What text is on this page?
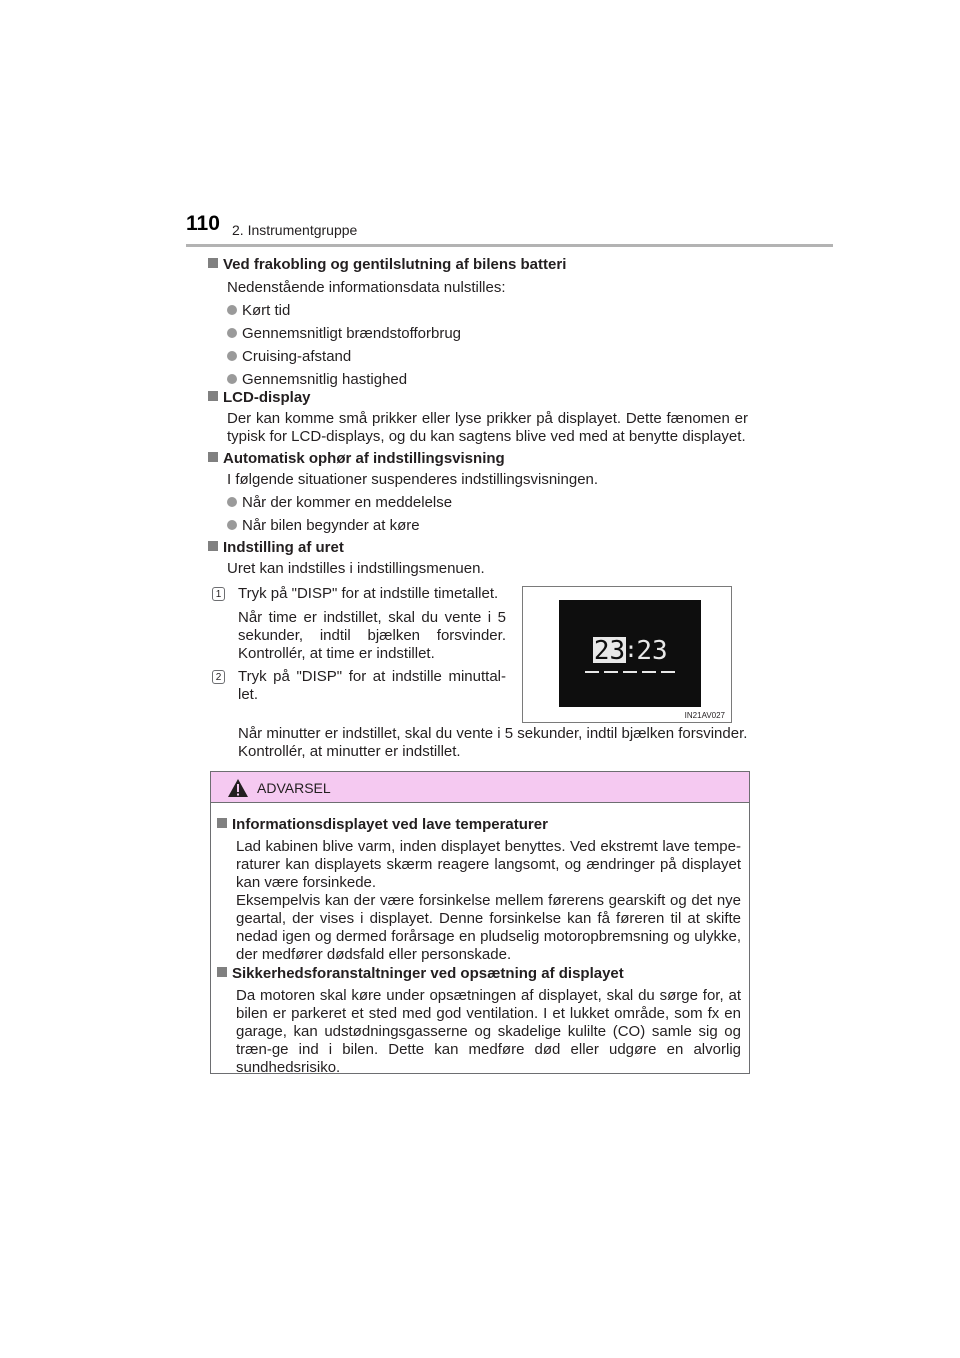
110 2. Instrumentgruppe
Ved frakobling og gentilslutning af bilens batteri
Nedenstående informationsdata nulstilles:
Kørt tid
Gennemsnitligt brændstofforbrug
Cruising-afstand
Gennemsnitlig hastighed
LCD-display
Der kan komme små prikker eller lyse prikker på displayet. Dette fænomen er typisk for LCD-displays, og du kan sagtens blive ved med at benytte displayet.
Automatisk ophør af indstillingsvisning
I følgende situationer suspenderes indstillingsvisningen.
Når der kommer en meddelelse
Når bilen begynder at køre
Indstilling af uret
Uret kan indstilles i indstillingsmenuen.
1 Tryk på "DISP" for at indstille timetallet.
Når time er indstillet, skal du vente i 5 sekunder, indtil bjælken forsvinder. Kontrollér, at time er indstillet.
2 Tryk på "DISP" for at indstille minuttal-let.
Når minutter er indstillet, skal du vente i 5 sekunder, indtil bjælken forsvinder. Kontrollér, at minutter er indstillet.
23 :
23
IN21AV027
ADVARSEL
Informationsdisplayet ved lave temperaturer
Lad kabinen blive varm, inden displayet benyttes. Ved ekstremt lave tempe-raturer kan displayets skærm reagere langsomt, og ændringer på displayet kan være forsinkede.
Eksempelvis kan der være forsinkelse mellem førerens gearskift og det nye geartal, der vises i displayet. Denne forsinkelse kan få føreren til at skifte nedad igen og dermed forårsage en pludselig motoropbremsning og ulykke, der medfører dødsfald eller personskade.
Sikkerhedsforanstaltninger ved opsætning af displayet
Da motoren skal køre under opsætningen af displayet, skal du sørge for, at bilen er parkeret et sted med god ventilation. I et lukket område, som fx en garage, kan udstødningsgasserne og skadelige kulilte (CO) samle sig og træn-ge ind i bilen. Dette kan medføre død eller udgøre en alvorlig sundhedsrisiko.
